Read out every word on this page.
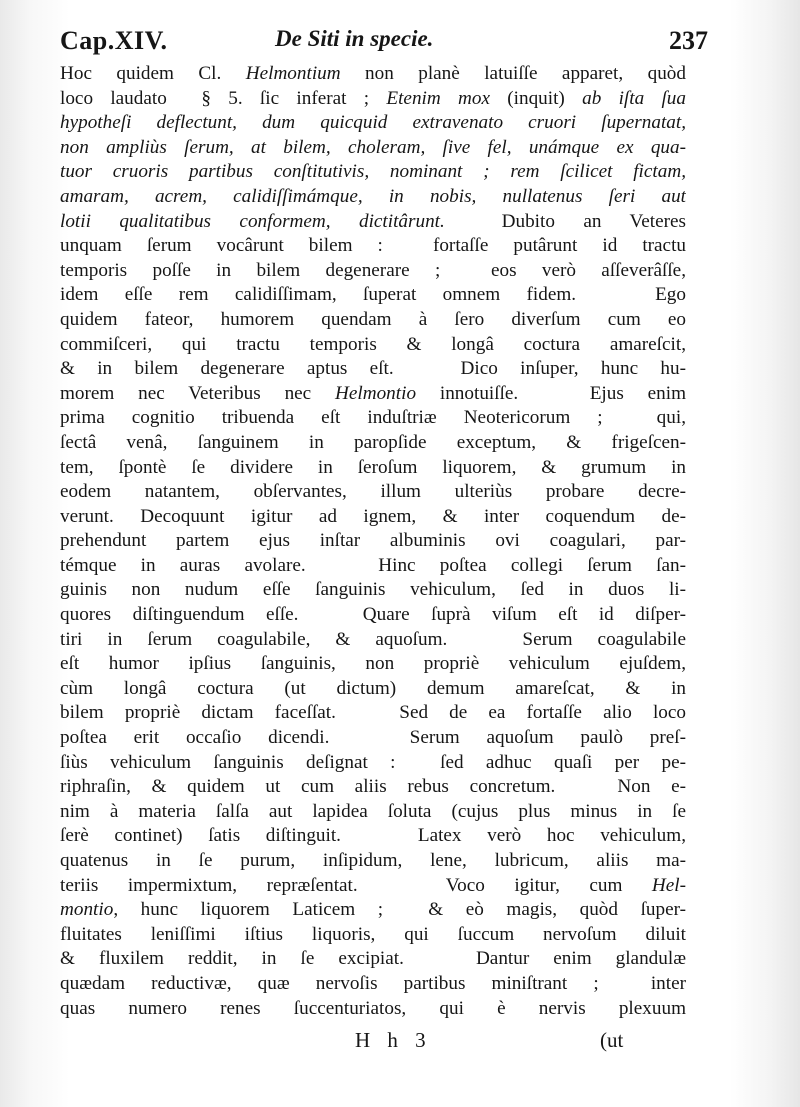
Cap.XIV.	De Siti in specie.	237
Hoc quidem Cl. Helmontium non planè latuiſſe apparet, quòd
loco laudato  § 5. ſic inferat ; Etenim mox (inquit) ab iſta ſua
hypotheſi deflectunt, dum quicquid extravenato cruori ſupernatat,
non ampliùs ſerum, at bilem, choleram, ſive fel, unámque ex qua-
tuor cruoris partibus conſtitutivis, nominant ; rem ſcilicet fictam,
amaram, acrem, calidiſſimámque, in nobis, nullatenus ſeri aut
lotii qualitatibus conformem, dictitârunt.  Dubito an Veteres
unquam ſerum vocârunt bilem :  fortaſſe putârunt id tractu
temporis poſſe in bilem degenerare ;  eos verò aſſeverâſſe,
idem eſſe rem calidiſſimam, ſuperat omnem fidem.   Ego
quidem fateor, humorem quendam à ſero diverſum cum eo
commiſceri, qui tractu temporis & longâ coctura amareſcit,
& in bilem degenerare aptus eſt.   Dico inſuper, hunc hu-
morem nec Veteribus nec Helmontio innotuiſſe.   Ejus enim
prima cognitio tribuenda eſt induſtriæ Neotericorum ;  qui,
ſectâ venâ, ſanguinem in paropſide exceptum, & frigeſcen-
tem, ſpontè ſe dividere in ſeroſum liquorem, & grumum in
eodem natantem, obſervantes, illum ulteriùs probare decre-
verunt. Decoquunt igitur ad ignem, & inter coquendum de-
prehendunt partem ejus inſtar albuminis ovi coagulari, par-
témque in auras avolare.   Hinc poſtea collegi ſerum ſan-
guinis non nudum eſſe ſanguinis vehiculum, ſed in duos li-
quores diſtinguendum eſſe.   Quare ſuprà viſum eſt id diſper-
tiri in ſerum coagulabile, & aquoſum.   Serum coagulabile
eſt humor ipſius ſanguinis, non propriè vehiculum ejuſdem,
cùm longâ coctura (ut dictum) demum amareſcat, & in
bilem propriè dictam faceſſat.   Sed de ea fortaſſe alio loco
poſtea erit occaſio dicendi.   Serum aquoſum paulò preſ-
ſiùs vehiculum ſanguinis deſignat :  ſed adhuc quaſi per pe-
riphraſin, & quidem ut cum aliis rebus concretum.   Non e-
nim à materia ſalſa aut lapidea ſoluta (cujus plus minus in ſe
ſerè continet) ſatis diſtinguit.   Latex verò hoc vehiculum,
quatenus in ſe purum, inſipidum, lene, lubricum, aliis ma-
teriis impermixtum, repræſentat.   Voco igitur, cum Hel-
montio, hunc liquorem Laticem ;  & eò magis, quòd ſuper-
fluitates leniſſimi iſtius liquoris, qui ſuccum nervoſum diluit
& fluxilem reddit, in ſe excipiat.   Dantur enim glandulæ
quædam reductivæ, quæ nervoſis partibus miniſtrant ;  inter
quas numero renes ſuccenturiatos, qui è nervis plexuum
H h 3	(ut
